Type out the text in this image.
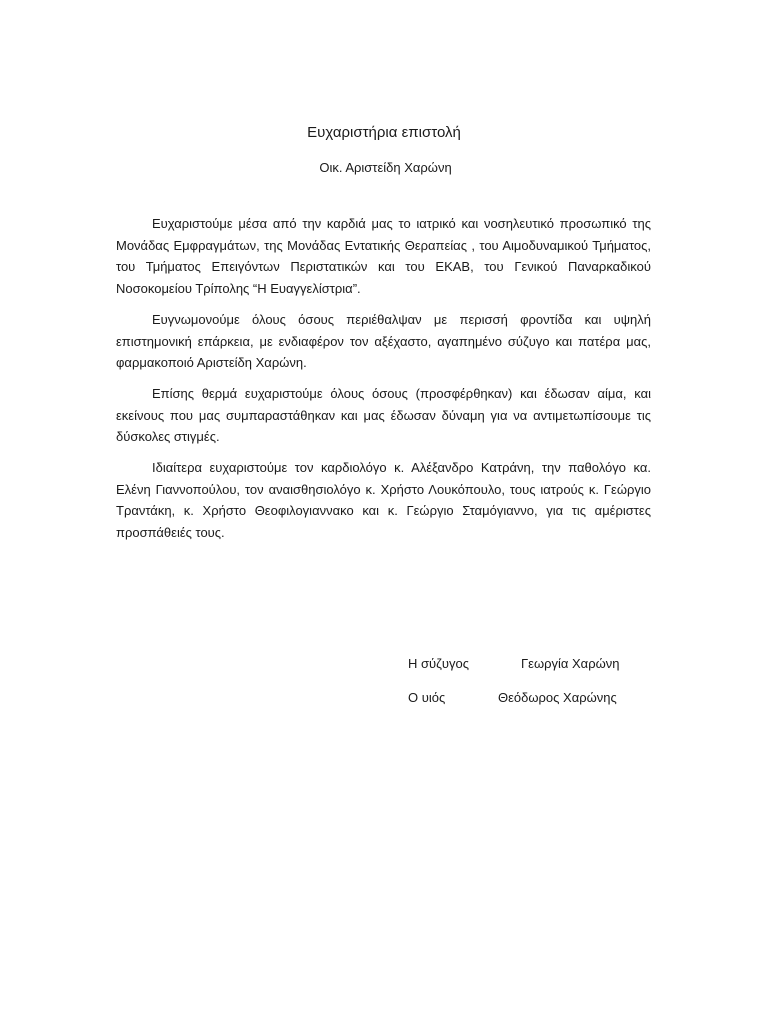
Ευχαριστήρια επιστολή
Οικ. Αριστείδη Χαρώνη

Ευχαριστούμε μέσα από την καρδιά μας το ιατρικό και νοσηλευτικό προσωπικό της Μονάδας Εμφραγμάτων, της Μονάδας Εντατικής Θεραπείας , του Αιμοδυναμικού Τμήματος, του Τμήματος Επειγόντων Περιστατικών και του ΕΚΑΒ, του Γενικού Παναρκαδικού Νοσοκομείου Τρίπολης “Η Ευαγγελίστρια”.

Ευγνωμονούμε όλους όσους περιέθαλψαν με περισσή φροντίδα και υψηλή επιστημονική επάρκεια, με ενδιαφέρον τον αξέχαστο, αγαπημένο σύζυγο και πατέρα μας, φαρμακοποιό Αριστείδη Χαρώνη.

Επίσης θερμά ευχαριστούμε όλους όσους (προσφέρθηκαν) και έδωσαν αίμα, και εκείνους που μας συμπαραστάθηκαν και μας έδωσαν δύναμη για να αντιμετωπίσουμε τις δύσκολες στιγμές.

Ιδιαίτερα ευχαριστούμε τον καρδιολόγο κ. Αλέξανδρο Κατράνη, την παθολόγο κα. Ελένη Γιαννοπούλου, τον αναισθησιολόγο κ. Χρήστο Λουκόπουλο, τους ιατρούς κ. Γεώργιο Τραντάκη, κ. Χρήστο Θεοφιλογιαννακο και κ. Γεώργιο Σταμόγιαννο, για τις αμέριστες προσπάθειές τους.

Η σύζυγος	Γεωργία Χαρώνη
Ο υιός	Θεόδωρος Χαρώνης
